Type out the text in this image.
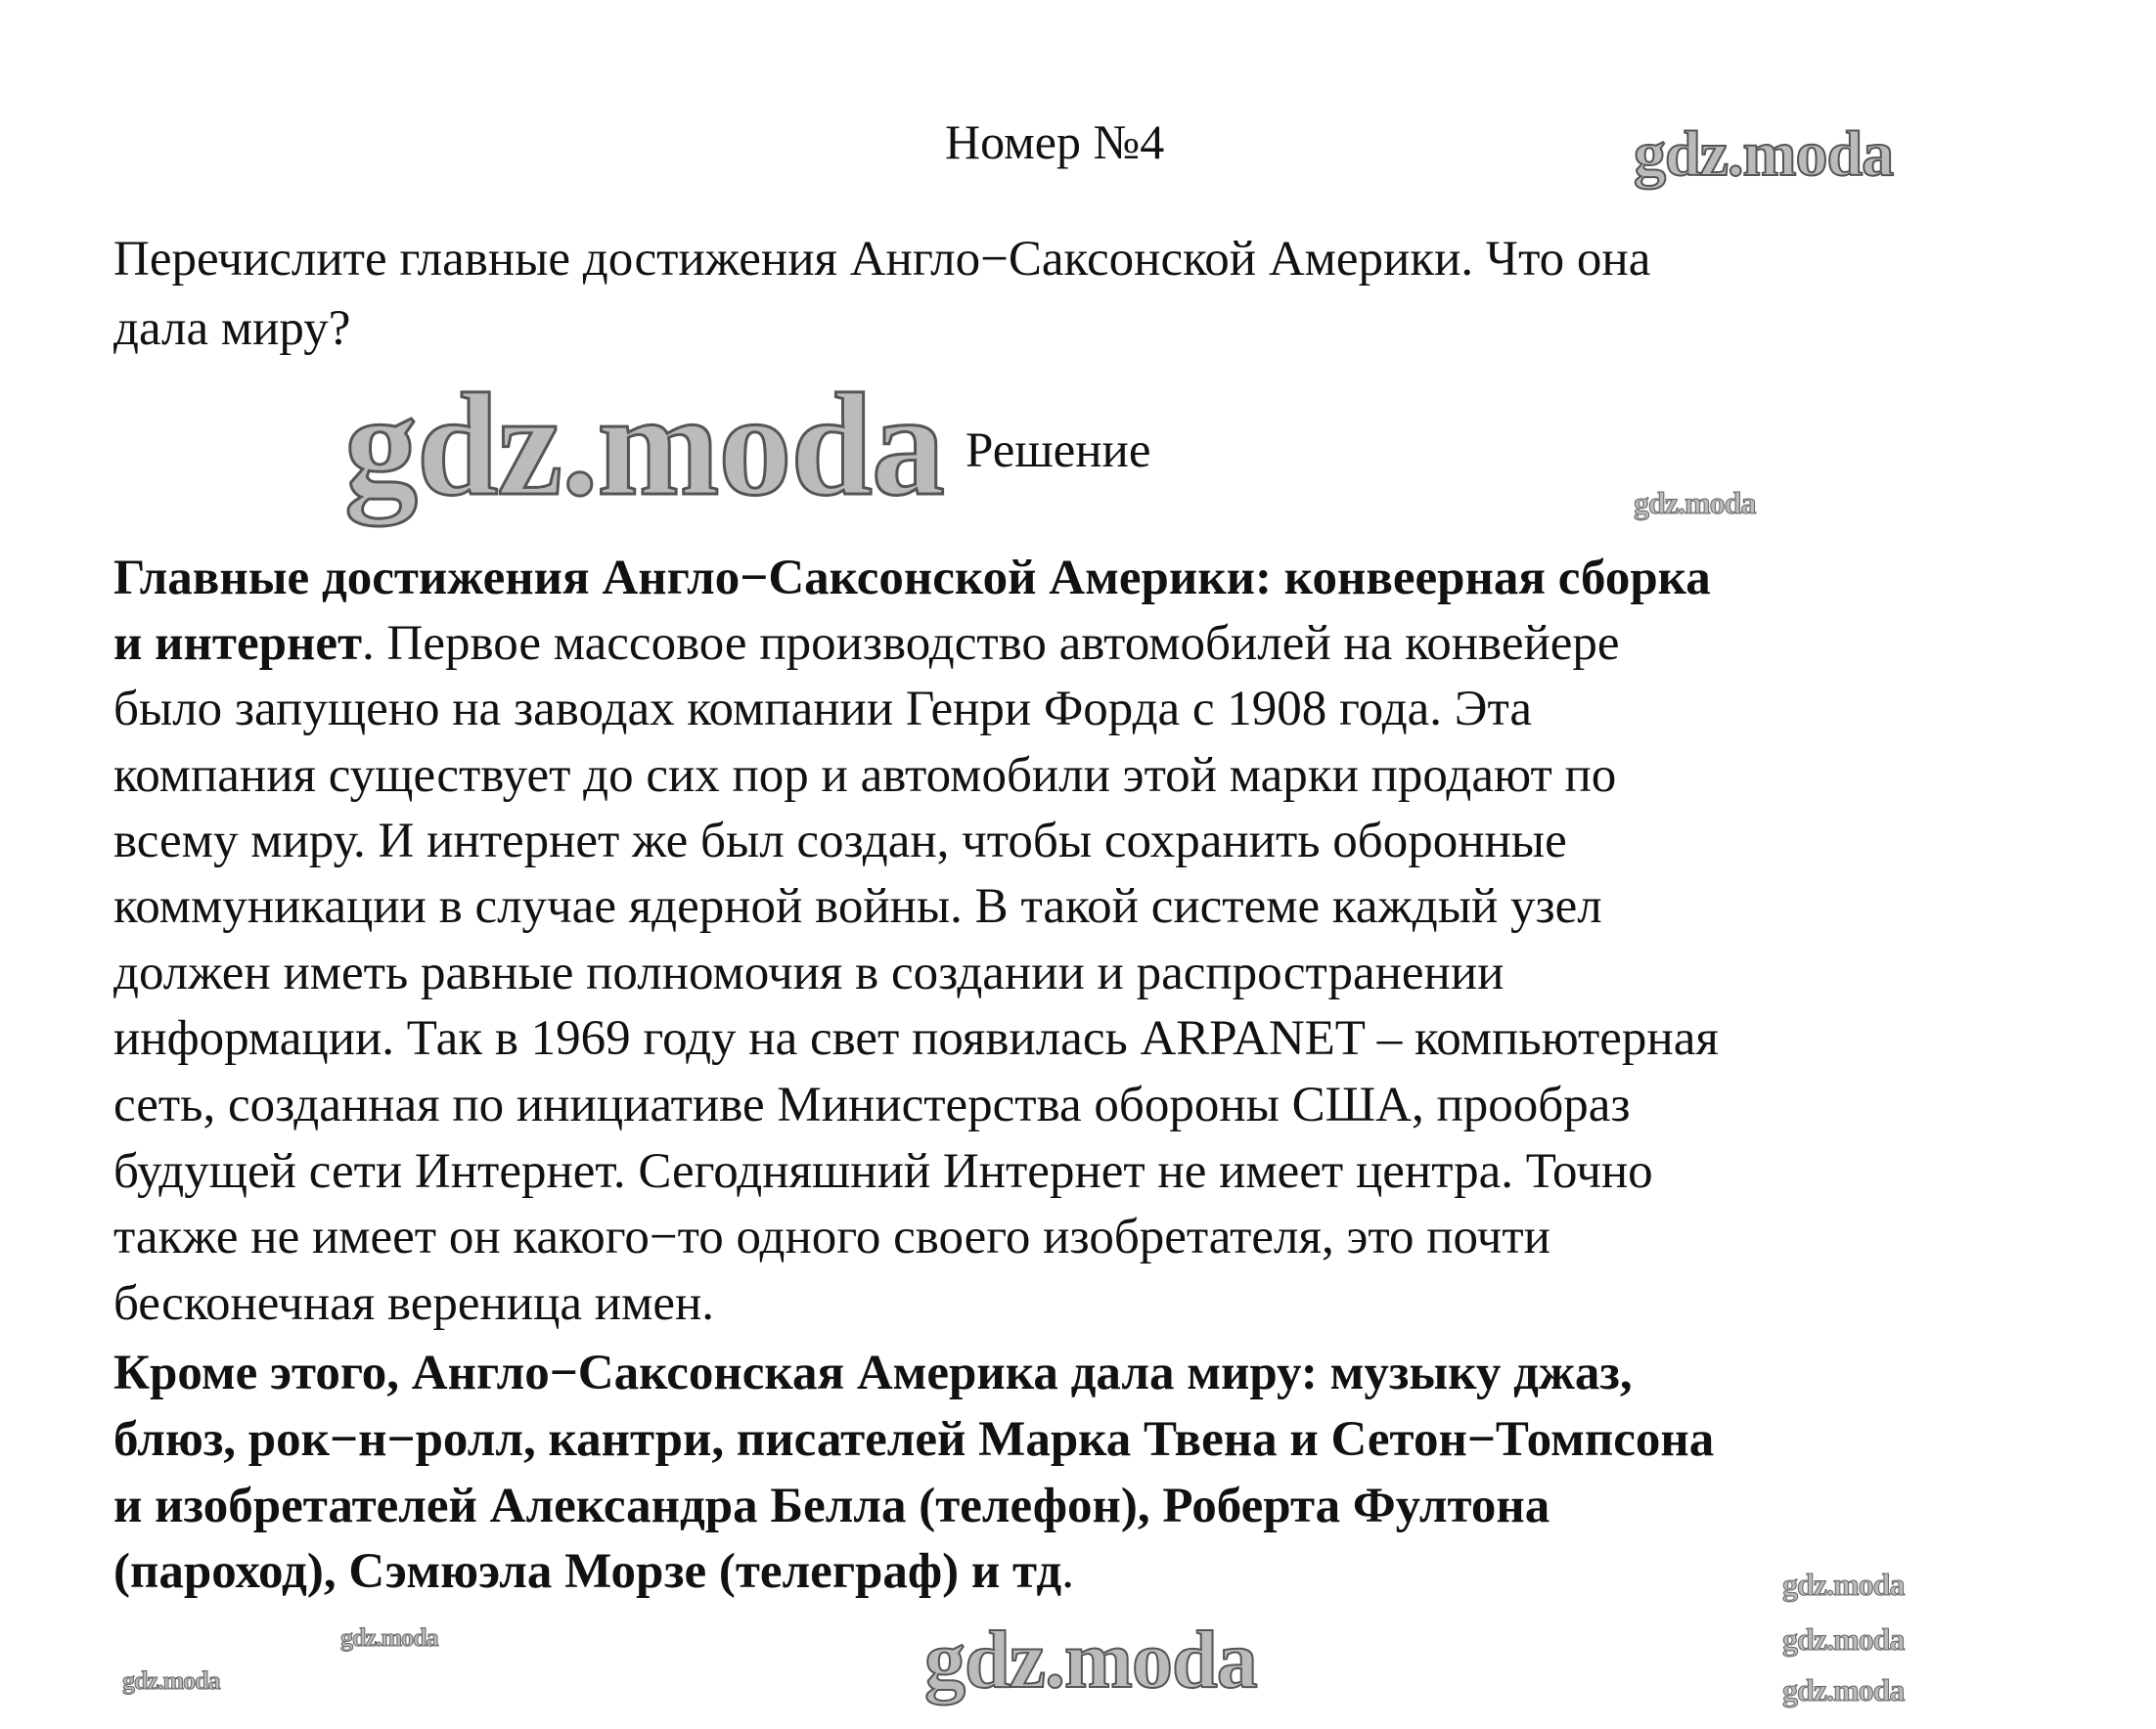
Номер №4
Перечислите главные достижения Англо−Саксонской Америки. Что она
дала миру?
Решение
Главные достижения Англо−Саксонской Америки: конвеерная сборка
и интернет. Первое массовое производство автомобилей на конвейере
было запущено на заводах компании Генри Форда с 1908 года. Эта
компания существует до сих пор и автомобили этой марки продают по
всему миру. И интернет же был создан, чтобы сохранить оборонные
коммуникации в случае ядерной войны. В такой системе каждый узел
должен иметь равные полномочия в создании и распространении
информации. Так в 1969 году на свет появилась ARPANET – компьютерная
сеть, созданная по инициативе Министерства обороны США, прообраз
будущей сети Интернет. Сегодняшний Интернет не имеет центра. Точно
также не имеет он какого−то одного своего изобретателя, это почти
бесконечная вереница имен.
Кроме этого, Англо−Саксонская Америка дала миру: музыку джаз,
блюз, рок−н−ролл, кантри, писателей Марка Твена и Сетон−Томпсона
и изобретателей Александра Белла (телефон), Роберта Фултона
(пароход), Сэмюэла Морзе (телеграф) и тд.
gdz.moda
gdz.moda
gdz.moda
gdz.moda
gdz.moda
gdz.moda
gdz.moda
gdz.moda
gdz.moda
